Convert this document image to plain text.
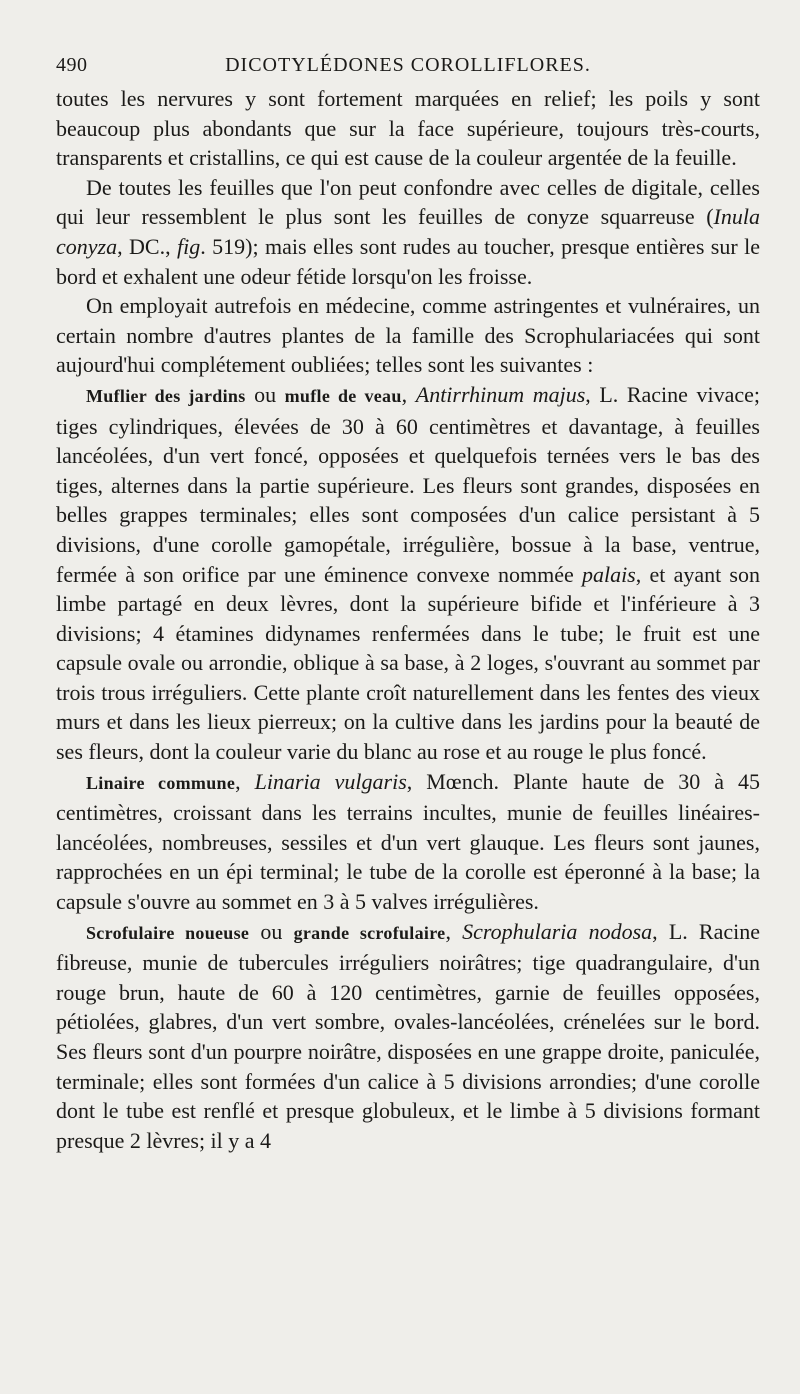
490	DICOTYLÉDONES COROLLIFLORES.

toutes les nervures y sont fortement marquées en relief; les poils y sont beaucoup plus abondants que sur la face supérieure, toujours très-courts, transparents et cristallins, ce qui est cause de la couleur argentée de la feuille.

De toutes les feuilles que l'on peut confondre avec celles de digitale, celles qui leur ressemblent le plus sont les feuilles de conyze squarreuse (Inula conyza, DC., fig. 519); mais elles sont rudes au toucher, presque entières sur le bord et exhalent une odeur fétide lorsqu'on les froisse.

On employait autrefois en médecine, comme astringentes et vulnéraires, un certain nombre d'autres plantes de la famille des Scrophulariacées qui sont aujourd'hui complétement oubliées; telles sont les suivantes :

Muflier des jardins ou mufle de veau, Antirrhinum majus, L. Racine vivace; tiges cylindriques, élevées de 30 à 60 centimètres et davantage, à feuilles lancéolées, d'un vert foncé, opposées et quelquefois ternées vers le bas des tiges, alternes dans la partie supérieure. Les fleurs sont grandes, disposées en belles grappes terminales; elles sont composées d'un calice persistant à 5 divisions, d'une corolle gamopétale, irrégulière, bossue à la base, ventrue, fermée à son orifice par une éminence convexe nommée palais, et ayant son limbe partagé en deux lèvres, dont la supérieure bifide et l'inférieure à 3 divisions; 4 étamines didynames renfermées dans le tube; le fruit est une capsule ovale ou arrondie, oblique à sa base, à 2 loges, s'ouvrant au sommet par trois trous irréguliers. Cette plante croît naturellement dans les fentes des vieux murs et dans les lieux pierreux; on la cultive dans les jardins pour la beauté de ses fleurs, dont la couleur varie du blanc au rose et au rouge le plus foncé.

Linaire commune, Linaria vulgaris, Mœnch. Plante haute de 30 à 45 centimètres, croissant dans les terrains incultes, munie de feuilles linéaires-lancéolées, nombreuses, sessiles et d'un vert glauque. Les fleurs sont jaunes, rapprochées en un épi terminal; le tube de la corolle est éperonné à la base; la capsule s'ouvre au sommet en 3 à 5 valves irrégulières.

Scrofulaire noueuse ou grande scrofulaire, Scrophularia nodosa, L. Racine fibreuse, munie de tubercules irréguliers noirâtres; tige quadrangulaire, d'un rouge brun, haute de 60 à 120 centimètres, garnie de feuilles opposées, pétiolées, glabres, d'un vert sombre, ovales-lancéolées, crénelées sur le bord. Ses fleurs sont d'un pourpre noirâtre, disposées en une grappe droite, paniculée, terminale; elles sont formées d'un calice à 5 divisions arrondies; d'une corolle dont le tube est renflé et presque globuleux, et le limbe à 5 divisions formant presque 2 lèvres; il y a 4
